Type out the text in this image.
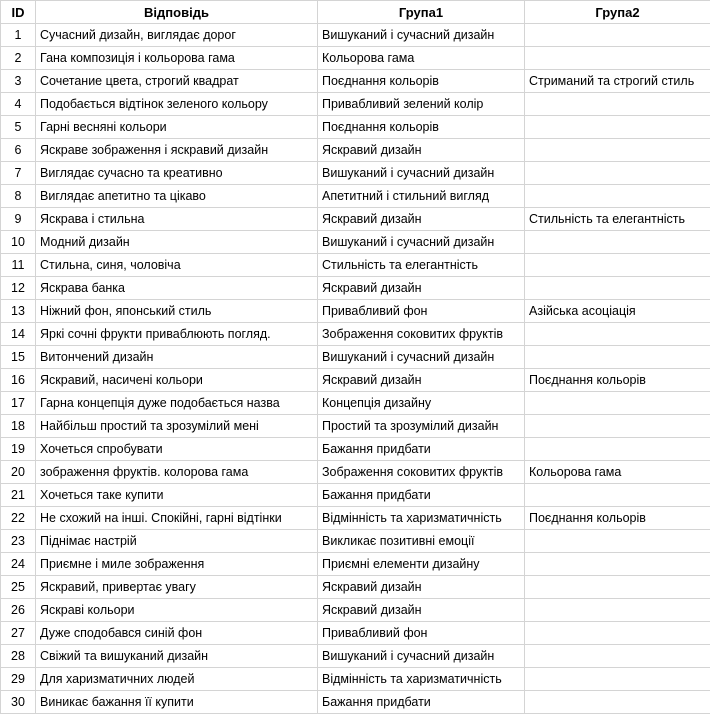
ID	Відповідь	Група1	Група2
1	Сучасний дизайн, виглядає дорог	Вишуканий і сучасний дизайн	
2	Гана композиція і кольорова гама	Кольорова гама	
3	Сочетание цвета, строгий квадрат	Поєднання кольорів	Стриманий та строгий стиль
4	Подобається відтінок зеленого кольору	Привабливий зелений колір	
5	Гарні весняні кольори	Поєднання кольорів	
6	Яскраве зображення і яскравий дизайн	Яскравий дизайн	
7	Виглядає сучасно та креативно	Вишуканий і сучасний дизайн	
8	Виглядає апетитно та цікаво	Апетитний і стильний вигляд	
9	Яскрава і стильна	Яскравий дизайн	Стильність та елегантність
10	Модний дизайн	Вишуканий і сучасний дизайн	
11	Стильна, синя, чоловіча	Стильність та елегантність	
12	Яскрава банка	Яскравий дизайн	
13	Ніжний фон, японський стиль	Привабливий фон	Азійська асоціація
14	Яркі сочні фрукти приваблюють погляд.	Зображення соковитих фруктів	
15	Витончений дизайн	Вишуканий і сучасний дизайн	
16	Яскравий, насичені кольори	Яскравий дизайн	Поєднання кольорів
17	Гарна концепція дуже подобається назва	Концепція дизайну	
18	Найбільш простий та зрозумілий мені	Простий та зрозумілий дизайн	
19	Хочеться спробувати	Бажання придбати	
20	зображення фруктів. колорова гама	Зображення соковитих фруктів	Кольорова гама
21	Хочеться таке купити	Бажання придбати	
22	Не схожий на інші. Спокійні, гарні відтінки	Відмінність та харизматичність	Поєднання кольорів
23	Піднімає настрій	Викликає позитивні емоції	
24	Приємне і миле зображення	Приємні елементи дизайну	
25	Яскравий, привертає увагу	Яскравий дизайн	
26	Яскраві кольори	Яскравий дизайн	
27	Дуже сподобався синій фон	Привабливий фон	
28	Свіжий та вишуканий дизайн	Вишуканий і сучасний дизайн	
29	Для харизматичних людей	Відмінність та харизматичність	
30	Виникає бажання її купити	Бажання придбати	
